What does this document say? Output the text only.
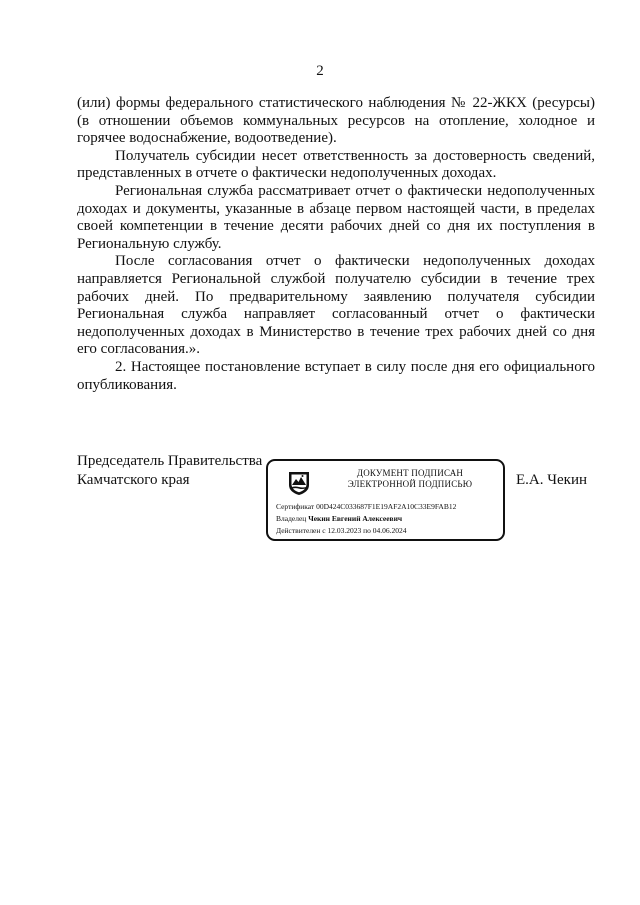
2

(или) формы федерального статистического наблюдения № 22-ЖКХ (ресурсы) (в отношении объемов коммунальных ресурсов на отопление, холодное и горячее водоснабжение, водоотведение).

Получатель субсидии несет ответственность за достоверность сведений, представленных в отчете о фактически недополученных доходах.

Региональная служба рассматривает отчет о фактически недополученных доходах и документы, указанные в абзаце первом настоящей части, в пределах своей компетенции в течение десяти рабочих дней со дня их поступления в Региональную службу.

После согласования отчет о фактически недополученных доходах направляется Региональной службой получателю субсидии в течение трех рабочих дней. По предварительному заявлению получателя субсидии Региональная служба направляет согласованный отчет о фактически недополученных доходах в Министерство в течение трех рабочих дней со дня его согласования.».

2. Настоящее постановление вступает в силу после дня его официального опубликования.

Председатель Правительства
Камчатского края	ДОКУМЕНТ ПОДПИСАН
ЭЛЕКТРОННОЙ ПОДПИСЬЮ
Сертификат 00D424C033687F1E19AF2A10C33E9FAB12
Владелец Чекин Евгений Алексеевич
Действителен с 12.03.2023 по 04.06.2024
Е.А. Чекин
